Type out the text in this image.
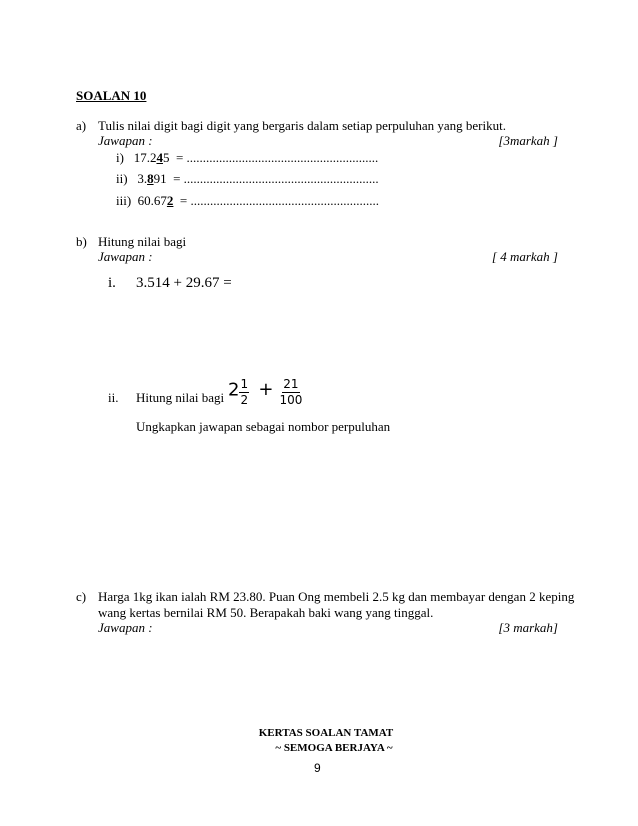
SOALAN 10
a) Tulis nilai digit bagi digit yang bergaris dalam setiap perpuluhan yang berikut.
Jawapan :	[3markah ]
i) 17.245 = ...........................................................
ii) 3.891 = ............................................................
iii) 60.672 = ..........................................................
b) Hitung nilai bagi
Jawapan :	[ 4 markah ]
i. 3.514 + 29.67 =
ii. Hitung nilai bagi $2 \frac{1}{2} + \frac{21}{100}$
Ungkapkan jawapan sebagai nombor perpuluhan
c) Harga 1kg ikan ialah RM 23.80. Puan Ong membeli 2.5 kg dan membayar dengan 2 keping
wang kertas bernilai RM 50. Berapakah baki wang yang tinggal.
Jawapan :	[3 markah]
KERTAS SOALAN TAMAT
~ SEMOGA BERJAYA ~
9
